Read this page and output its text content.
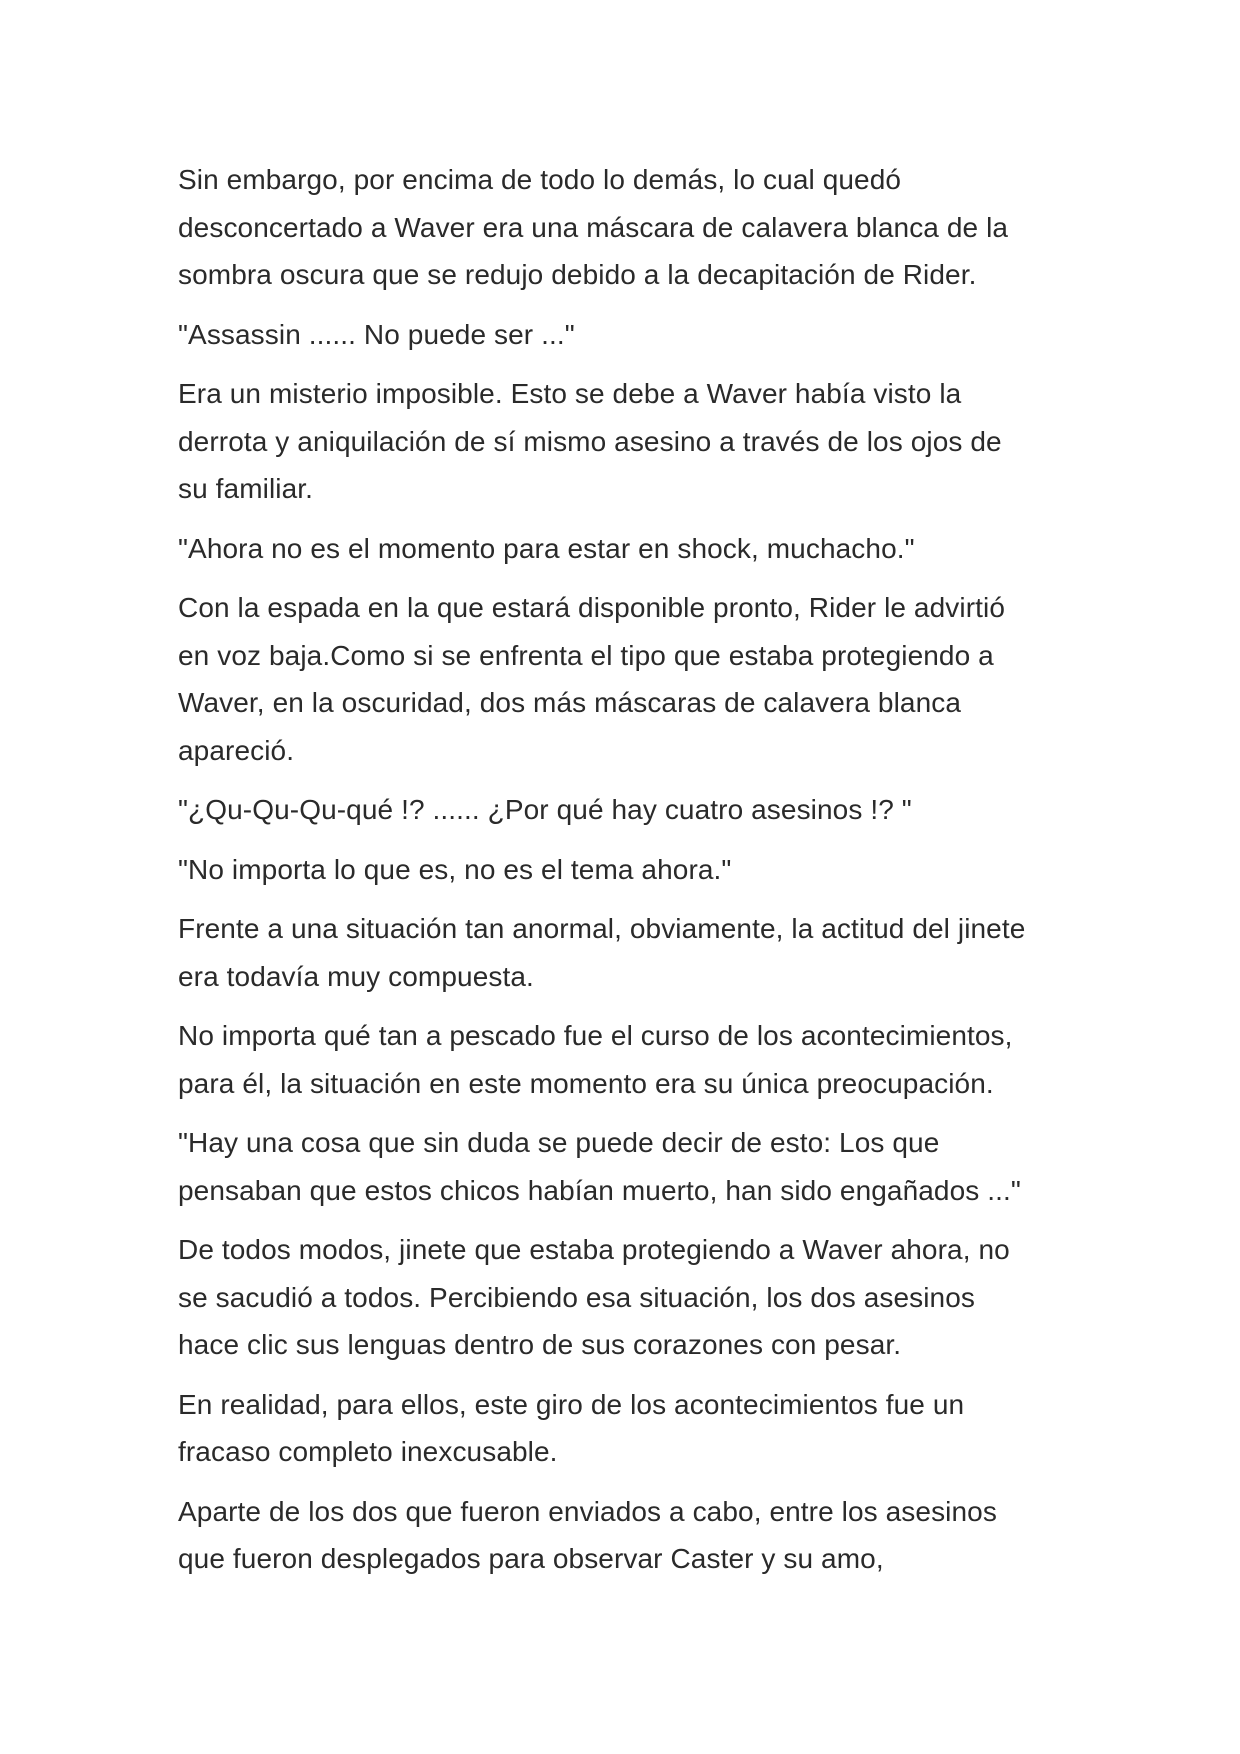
Sin embargo, por encima de todo lo demás, lo cual quedó
desconcertado a Waver era una máscara de calavera blanca de la
sombra oscura que se redujo debido a la decapitación de Rider.

"Assassin ...... No puede ser ..."

Era un misterio imposible. Esto se debe a Waver había visto la
derrota y aniquilación de sí mismo asesino a través de los ojos de
su familiar.

"Ahora no es el momento para estar en shock, muchacho."

Con la espada en la que estará disponible pronto, Rider le advirtió
en voz baja.Como si se enfrenta el tipo que estaba protegiendo a
Waver, en la oscuridad, dos más máscaras de calavera blanca
apareció.

"¿Qu-Qu-Qu-qué !? ...... ¿Por qué hay cuatro asesinos !? "

"No importa lo que es, no es el tema ahora."

Frente a una situación tan anormal, obviamente, la actitud del jinete
era todavía muy compuesta.

No importa qué tan a pescado fue el curso de los acontecimientos,
para él, la situación en este momento era su única preocupación.

"Hay una cosa que sin duda se puede decir de esto: Los que
pensaban que estos chicos habían muerto, han sido engañados ..."

De todos modos, jinete que estaba protegiendo a Waver ahora, no
se sacudió a todos. Percibiendo esa situación, los dos asesinos
hace clic sus lenguas dentro de sus corazones con pesar.

En realidad, para ellos, este giro de los acontecimientos fue un
fracaso completo inexcusable.

Aparte de los dos que fueron enviados a cabo, entre los asesinos
que fueron desplegados para observar Caster y su amo,
